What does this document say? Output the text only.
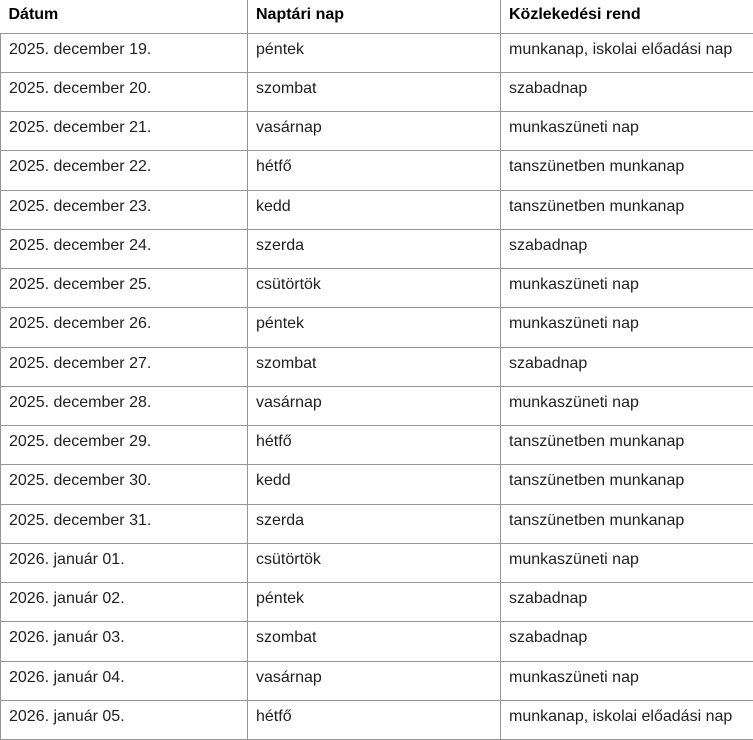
Dátum	Naptári nap	Közlekedési rend
2025. december 19.	péntek	munkanap, iskolai előadási nap
2025. december 20.	szombat	szabadnap
2025. december 21.	vasárnap	munkaszüneti nap
2025. december 22.	hétfő	tanszünetben munkanap
2025. december 23.	kedd	tanszünetben munkanap
2025. december 24.	szerda	szabadnap
2025. december 25.	csütörtök	munkaszüneti nap
2025. december 26.	péntek	munkaszüneti nap
2025. december 27.	szombat	szabadnap
2025. december 28.	vasárnap	munkaszüneti nap
2025. december 29.	hétfő	tanszünetben munkanap
2025. december 30.	kedd	tanszünetben munkanap
2025. december 31.	szerda	tanszünetben munkanap
2026. január 01.	csütörtök	munkaszüneti nap
2026. január 02.	péntek	szabadnap
2026. január 03.	szombat	szabadnap
2026. január 04.	vasárnap	munkaszüneti nap
2026. január 05.	hétfő	munkanap, iskolai előadási nap
